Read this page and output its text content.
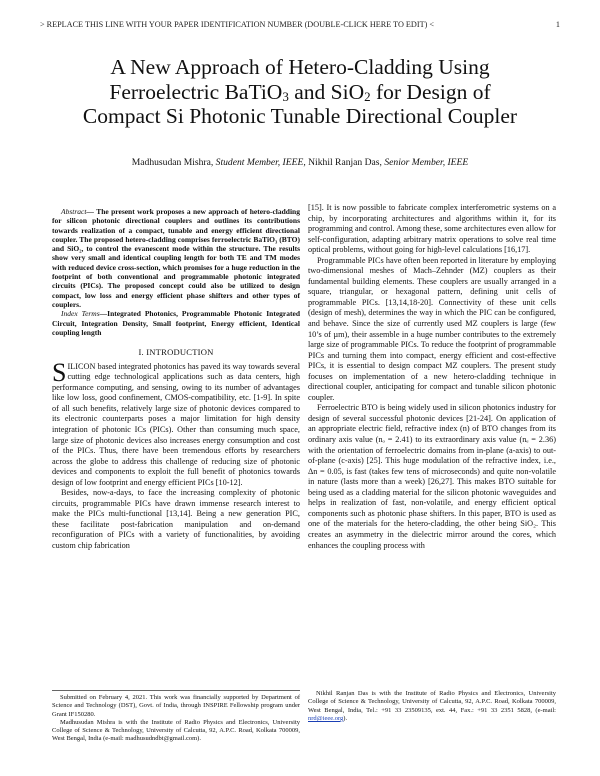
> REPLACE THIS LINE WITH YOUR PAPER IDENTIFICATION NUMBER (DOUBLE-CLICK HERE TO EDIT) <	1
A New Approach of Hetero-Cladding Using
Ferroelectric BaTiO$_3$ and SiO$_2$ for Design of
Compact Si Photonic Tunable Directional Coupler
Madhusudan Mishra, Student Member, IEEE, Nikhil Ranjan Das, Senior Member, IEEE

Abstract— The present work proposes a new approach of hetero-cladding for silicon photonic directional couplers and outlines its contributions towards realization of a compact, tunable and energy efficient directional coupler. The proposed hetero-cladding comprises ferroelectric BaTiO₃ (BTO) and SiO₂, to control the evanescent mode within the structure. The results show very small and identical coupling length for both TE and TM modes with reduced device cross-section, which promises for a huge reduction in the footprint of both conventional and programmable photonic integrated circuits (PICs). The proposed concept could also be utilized to design compact, low loss and energy efficient phase shifters and other types of couplers.

Index Terms—Integrated Photonics, Programmable Photonic Integrated Circuit, Integration Density, Small footprint, Energy efficient, Identical coupling length

I. INTRODUCTION

SILICON based integrated photonics has paved its way towards several cutting edge technological applications such as data centers, high performance computing, and sensing, owing to its number of advantages like low loss, good confinement, CMOS-compatibility, etc. [1-9]. In spite of all such benefits, relatively large size of photonic devices compared to its electronic counterparts poses a major limitation for high density integration of photonic ICs (PICs). Other than consuming much space, large size of photonic devices also increases energy consumption and cost of the PICs. Thus, there have been tremendous efforts by researchers across the globe to address this challenge of reducing size of photonic devices and components to exploit the full benefit of photonics towards design of low footprint and energy efficient PICs [10-12].

Besides, now-a-days, to face the increasing complexity of photonic circuits, programmable PICs have drawn immense research interest to make the PICs multi-functional [13,14]. Being a new generation PIC, these facilitate post-fabrication manipulation and on-demand reconfiguration of PICs with a variety of functionalities, by avoiding custom chip fabrication

[15]. It is now possible to fabricate complex interferometric systems on a chip, by incorporating architectures and algorithms within it, for its programming and control. Among these, some architectures even allow for self-configuration, adapting arbitrary matrix operations to solve real time optical problems, without going for high-level calculations [16,17].

Programmable PICs have often been reported in literature by employing two-dimensional meshes of Mach–Zehnder (MZ) couplers as their fundamental building elements. These couplers are usually arranged in a square, triangular, or hexagonal pattern, defining unit cells of programmable PICs. [13,14,18-20]. Connectivity of these unit cells (design of mesh), determines the way in which the PIC can be configured, and behave. Since the size of currently used MZ couplers is large (few 10’s of µm), their assemble in a huge number contributes to the extremely large size of programmable PICs. To reduce the footprint of programmable PICs and turning them into compact, energy efficient and cost-effective PICs, it is essential to design compact MZ couplers. The present study focuses on implementation of a new hetero-cladding technique in directional coupler, anticipating for compact and tunable silicon photonic coupler.

Ferroelectric BTO is being widely used in silicon photonics industry for design of several successful photonic devices [21-24]. On application of an appropriate electric field, refractive index (n) of BTO changes from its ordinary axis value (nₒ = 2.41) to its extraordinary axis value (nₑ = 2.36) with the orientation of ferroelectric domains from in-plane (a-axis) to out-of-plane (c-axis) [25]. This huge modulation of the refractive index, i.e., Δn = 0.05, is fast (takes few tens of microseconds) and quite non-volatile in nature (lasts more than a week) [26,27]. This makes BTO suitable for being used as a cladding material for the silicon photonic waveguides and helps in realization of fast, non-volatile, and energy efficient optical components such as photonic phase shifters. In this paper, BTO is used as one of the materials for the hetero-cladding, the other being SiO₂. This creates an asymmetry in the dielectric mirror around the cores, which enhances the coupling process with

Submitted on February 4, 2021. This work was financially supported by Department of Science and Technology (DST), Govt. of India, through INSPIRE Fellowship program under Grant IF150280.

Madhusudan Mishra is with the Institute of Radio Physics and Electronics, University College of Science & Technology, University of Calcutta, 92, A.P.C. Road, Kolkata 700009, West Bengal, India (e-mail: madhusudndbt@gmail.com).

Nikhil Ranjan Das is with the Institute of Radio Physics and Electronics, University College of Science & Technology, University of Calcutta, 92, A.P.C. Road, Kolkata 700009, West Bengal, India, Tel.: +91 33 23509135, ext. 44, Fax.: +91 33 2351 5828, (e-mail: nrd@ieee.org).
